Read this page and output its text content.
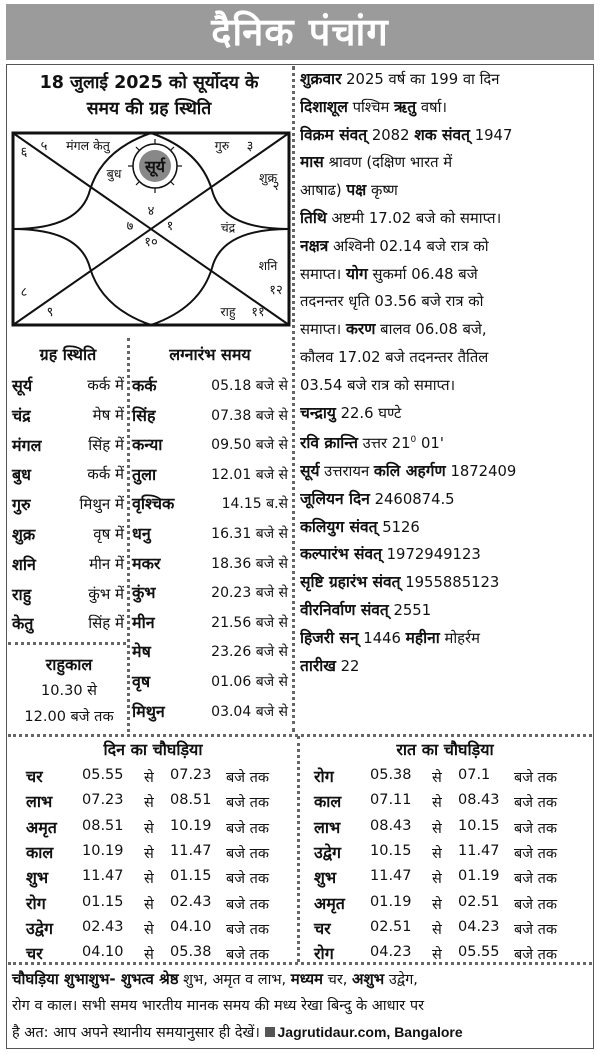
दैनिक पंचांग
18 जुलाई 2025 को सूर्योदय के
समय की ग्रह स्थिति
सूर्य
४
३
२
१
१२
११
१०
९
८
७
६ ५ मंगल केतु	गुरु
बुध	शुक्र
चंद्र
शनि
राहु
ग्रह स्थिति
सूर्य	कर्क में
चंद्र	मेष में
मंगल	सिंह में
बुध	कर्क में
गुरु	मिथुन में
शुक्र	वृष में
शनि	मीन में
राहु	कुंभ में
केतु	सिंह में
लग्नारंभ समय
कर्क	05.18 बजे से
सिंह	07.38 बजे से
कन्या	09.50 बजे से
तुला	12.01 बजे से
वृश्चिक	14.15 ब.से
धनु	16.31 बजे से
मकर	18.36 बजे से
कुंभ	20.23 बजे से
मीन	21.56 बजे से
मेष	23.26 बजे से
वृष	01.06 बजे से
मिथुन	03.04 बजे से
राहुकाल
10.30 से
12.00 बजे तक
शुक्रवार 2025 वर्ष का 199 वा दिन
दिशाशूल पश्चिम ऋतु वर्षा।
विक्रम संवत् 2082 शक संवत् 1947
मास श्रावण (दक्षिण भारत में
आषाढ) पक्ष कृष्ण
तिथि अष्टमी 17.02 बजे को समाप्त।
नक्षत्र अश्विनी 02.14 बजे रात्र को
समाप्त। योग सुकर्मा 06.48 बजे
तदनन्तर धृति 03.56 बजे रात्र को
समाप्त। करण बालव 06.08 बजे,
कौलव 17.02 बजे तदनन्तर तैतिल
03.54 बजे रात्र को समाप्त।
चन्द्रायु 22.6 घण्टे
रवि क्रान्ति उत्तर $21^0$ 01'
सूर्य उत्तरायन कलि अहर्गण 1872409
जूलियन दिन 2460874.5
कलियुग संवत् 5126
कल्पारंभ संवत् 1972949123
सृष्टि ग्रहारंभ संवत् 1955885123
वीरनिर्वाण संवत् 2551
हिजरी सन् 1446 महीना मोहर्रम
तारीख 22
दिन का चौघड़िया	रात का चौघड़िया
चर	05.55 से 07.23 बजे तक
लाभ 07.23 से 08.51 बजे तक
अमृत 08.51 से 10.19 बजे तक
काल 10.19 से 11.47 बजे तक
शुभ 11.47 से 01.15 बजे तक
रोग	01.15 से 02.43 बजे तक
उद्वेग 02.43 से 04.10 बजे तक
चर	04.10 से 05.38 बजे तक
रोग	05.38 से 07.1 बजे तक
काल 07.11 से 08.43 बजे तक
लाभ 08.43 से 10.15 बजे तक
उद्वेग 10.15 से 11.47 बजे तक
शुभ 11.47 से 01.19 बजे तक
अमृत 01.19 से 02.51 बजे तक
चर	02.51 से 04.23 बजे तक
रोग	04.23 से 05.55 बजे तक
चौघड़िया शुभाशुभ- शुभत्व श्रेष्ठ शुभ, अमृत व लाभ, मध्यम चर, अशुभ उद्वेग,
रोग व काल। सभी समय भारतीय मानक समय की मध्य रेखा बिन्दु के आधार पर
है अत: आप अपने स्थानीय समयानुसार ही देखें। Jagrutidaur.com, Bangalore
